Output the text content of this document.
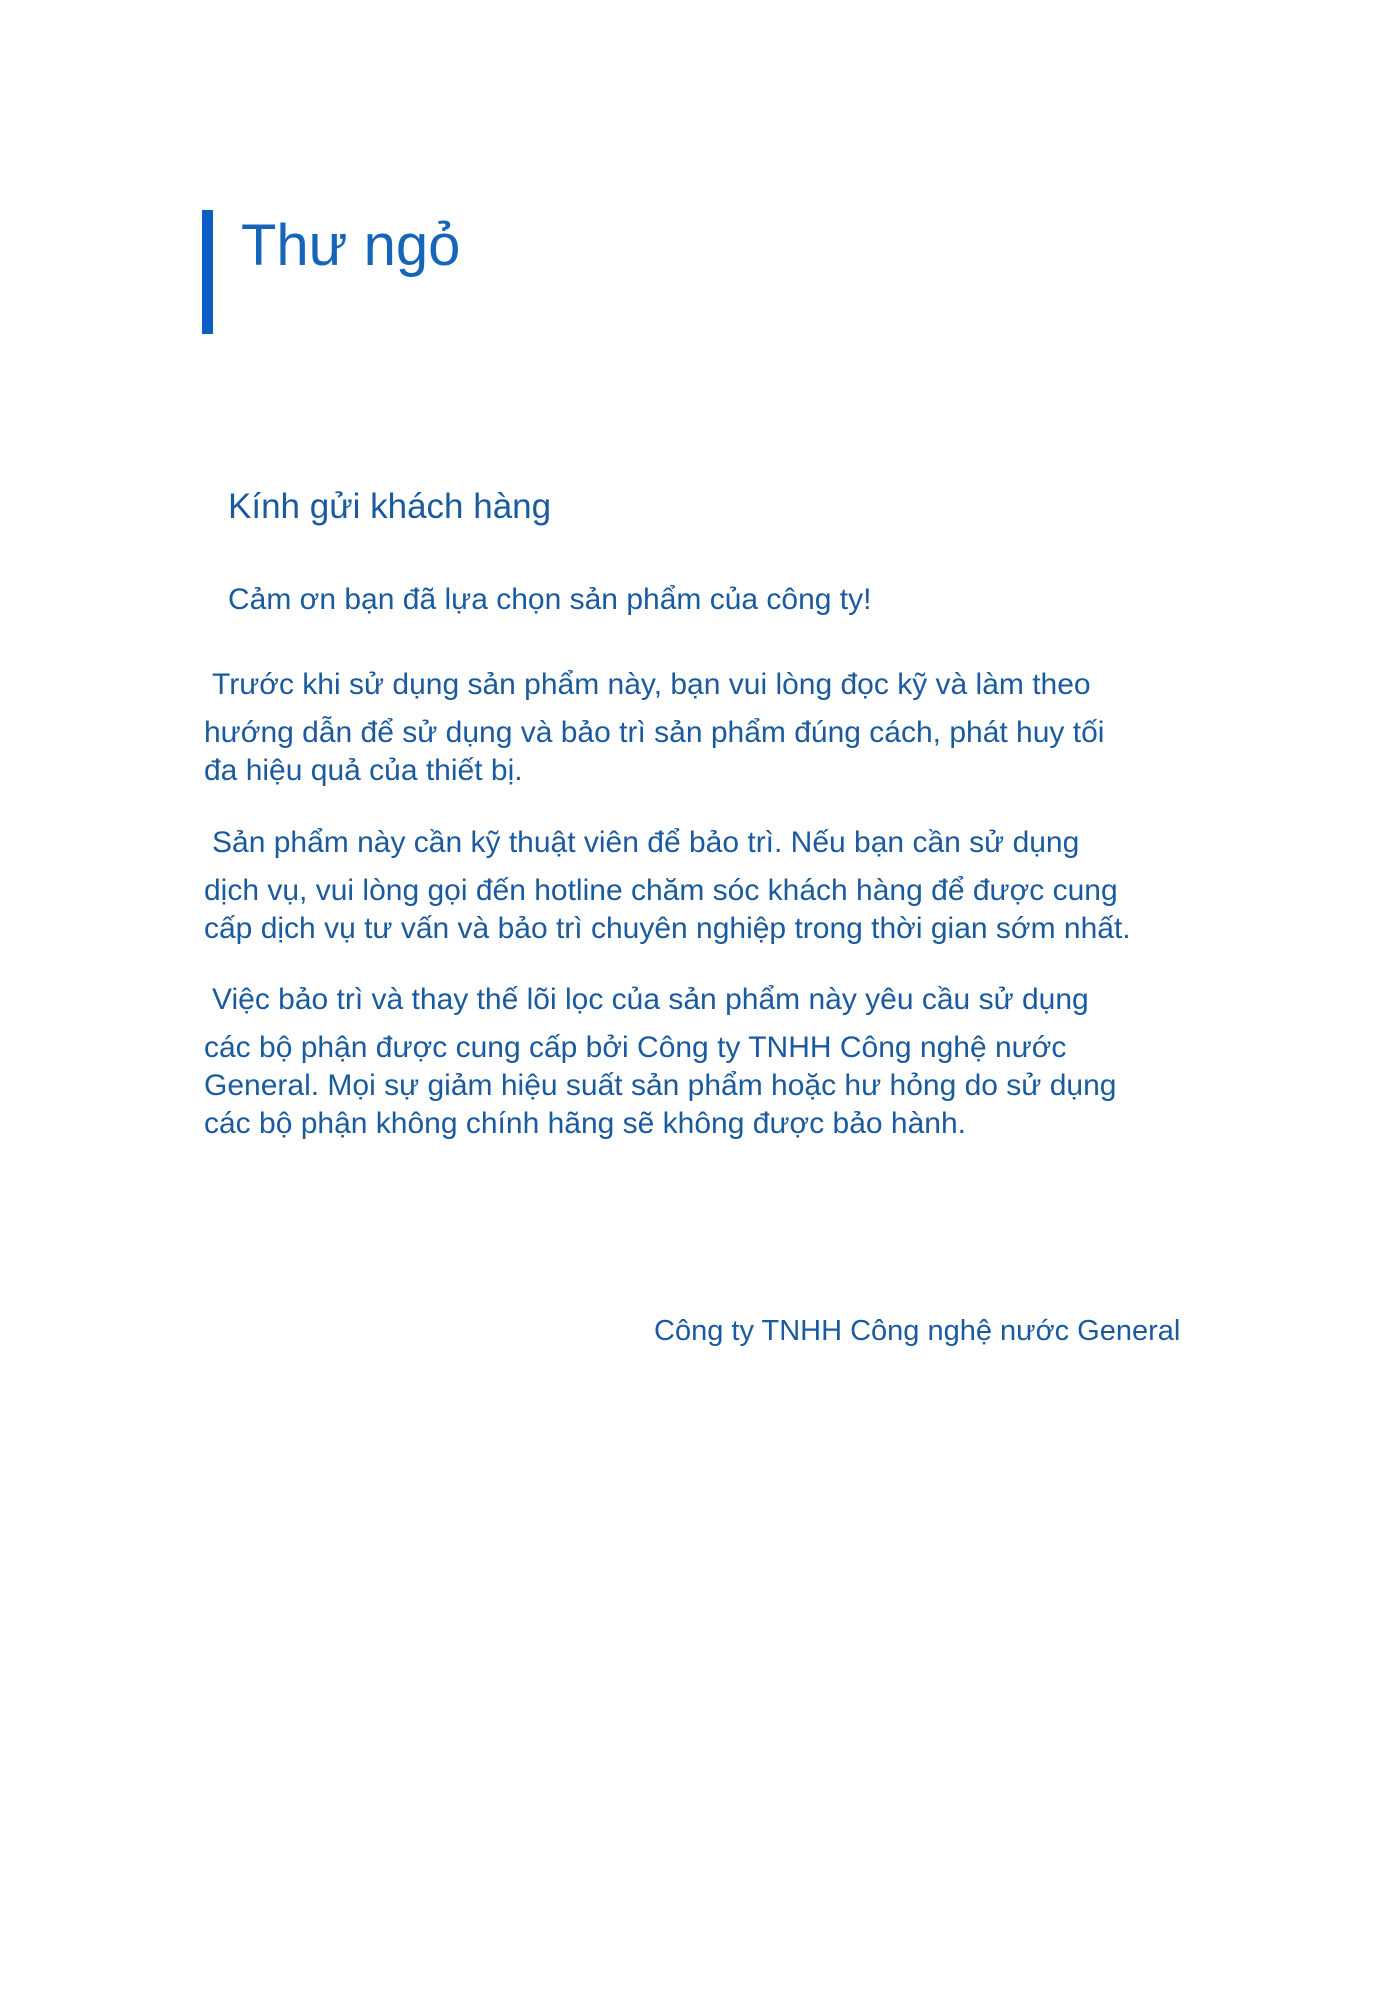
Thư ngỏ

Kính gửi khách hàng

Cảm ơn bạn đã lựa chọn sản phẩm của công ty!

Trước khi sử dụng sản phẩm này, bạn vui lòng đọc kỹ và làm theo
hướng dẫn để sử dụng và bảo trì sản phẩm đúng cách, phát huy tối
đa hiệu quả của thiết bị.

Sản phẩm này cần kỹ thuật viên để bảo trì. Nếu bạn cần sử dụng
dịch vụ, vui lòng gọi đến hotline chăm sóc khách hàng để được cung
cấp dịch vụ tư vấn và bảo trì chuyên nghiệp trong thời gian sớm nhất.

Việc bảo trì và thay thế lõi lọc của sản phẩm này yêu cầu sử dụng
các bộ phận được cung cấp bởi Công ty TNHH Công nghệ nước
General. Mọi sự giảm hiệu suất sản phẩm hoặc hư hỏng do sử dụng
các bộ phận không chính hãng sẽ không được bảo hành.

Công ty TNHH Công nghệ nước General
